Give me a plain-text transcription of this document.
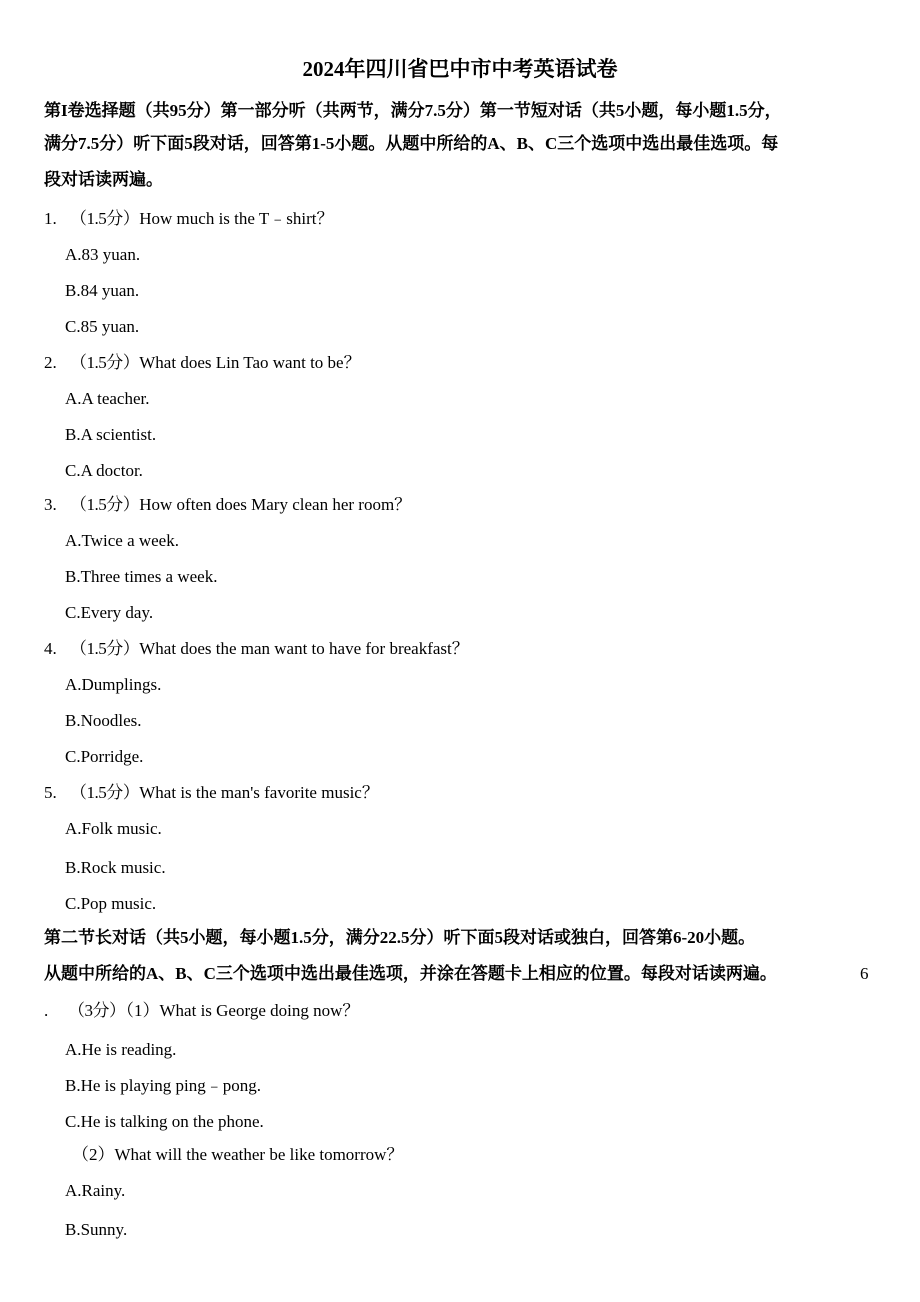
2024年四川省巴中市中考英语试卷
第I卷选择题（共95分）第一部分听（共两节，满分7.5分）第一节短对话（共5小题，每小题1.5分，
满分7.5分）听下面5段对话，回答第1-5小题。从题中所给的A、B、C三个选项中选出最佳选项。每
段对话读两遍。
1. （1.5分）How much is the T﹣shirt？
A.83 yuan.
B.84 yuan.
C.85 yuan.
2. （1.5分）What does Lin Tao want to be？
A.A teacher.
B.A scientist.
C.A doctor.
3. （1.5分）How often does Mary clean her room？
A.Twice a week.
B.Three times a week.
C.Every day.
4. （1.5分）What does the man want to have for breakfast？
A.Dumplings.
B.Noodles.
C.Porridge.
5. （1.5分）What is the man's favorite music？
A.Folk music.
B.Rock music.
C.Pop music.
第二节长对话（共5小题，每小题1.5分，满分22.5分）听下面5段对话或独白，回答第6-20小题。
从题中所给的A、B、C三个选项中选出最佳选项，并涂在答题卡上相应的位置。每段对话读两遍。	6
. （3分）（1）What is George doing now？
A.He is reading.
B.He is playing ping﹣pong.
C.He is talking on the phone.
（2）What will the weather be like tomorrow？
A.Rainy.
B.Sunny.
